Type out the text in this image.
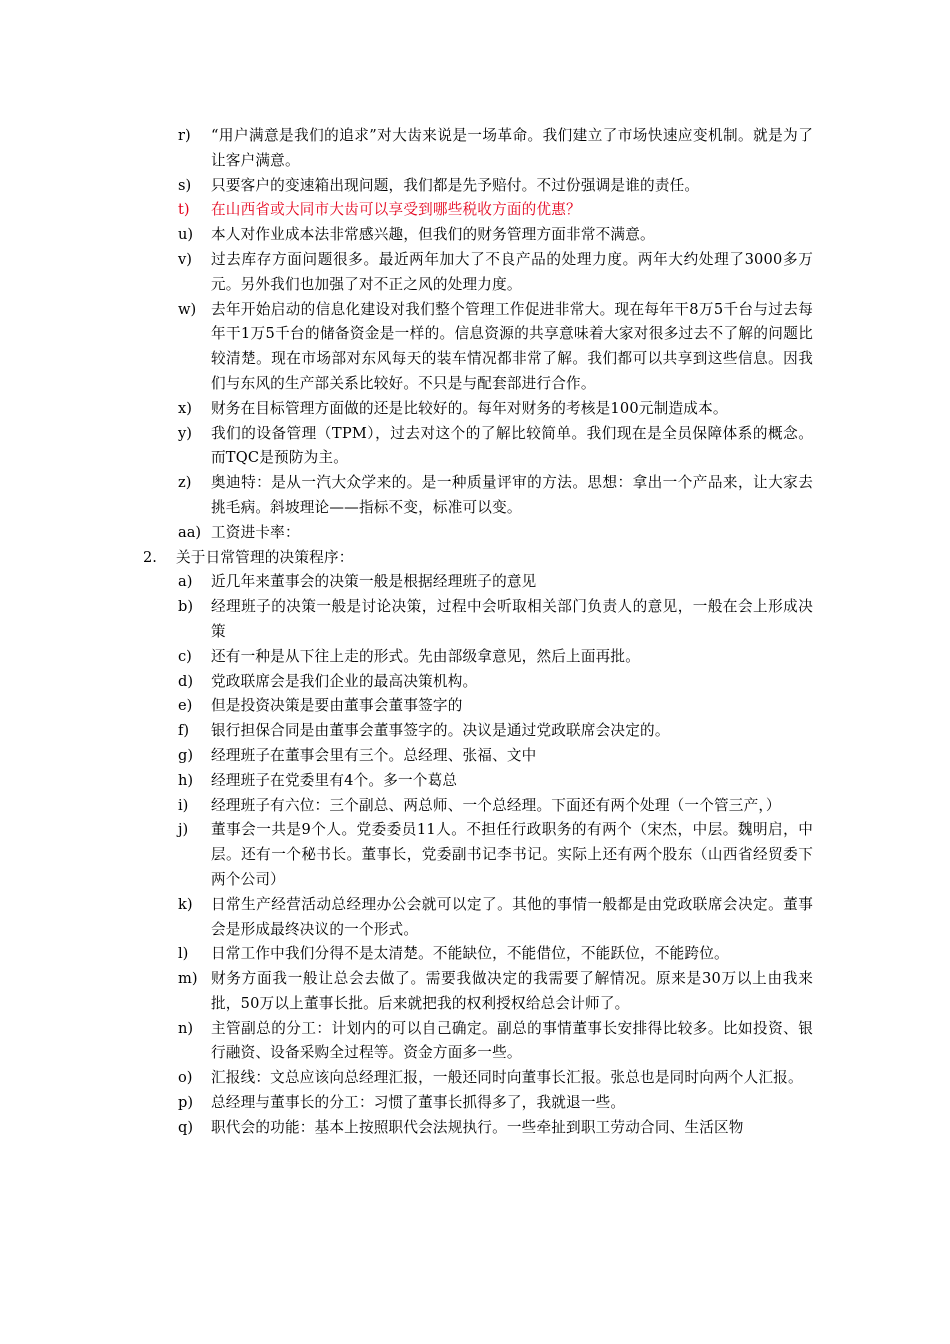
r)	“用户满意是我们的追求”对大齿来说是一场革命。我们建立了市场快速应变机制。就是为了让客户满意。
s)	只要客户的变速箱出现问题，我们都是先予赔付。不过份强调是谁的责任。
t)	在山西省或大同市大齿可以享受到哪些税收方面的优惠？
u)	本人对作业成本法非常感兴趣，但我们的财务管理方面非常不满意。
v)	过去库存方面问题很多。最近两年加大了不良产品的处理力度。两年大约处理了3000多万元。另外我们也加强了对不正之风的处理力度。
w)	去年开始启动的信息化建设对我们整个管理工作促进非常大。现在每年干8万5千台与过去每年干1万5千台的储备资金是一样的。信息资源的共享意味着大家对很多过去不了解的问题比较清楚。现在市场部对东风每天的装车情况都非常了解。我们都可以共享到这些信息。因我们与东风的生产部关系比较好。不只是与配套部进行合作。
x)	财务在目标管理方面做的还是比较好的。每年对财务的考核是100元制造成本。
y)	我们的设备管理（TPM），过去对这个的了解比较简单。我们现在是全员保障体系的概念。而TQC是预防为主。
z)	奥迪特：是从一汽大众学来的。是一种质量评审的方法。思想：拿出一个产品来，让大家去挑毛病。斜坡理论——指标不变，标准可以变。
aa) 工资进卡率：
2.	关于日常管理的决策程序：
a)	近几年来董事会的决策一般是根据经理班子的意见
b)	经理班子的决策一般是讨论决策，过程中会听取相关部门负责人的意见，一般在会上形成决策
c)	还有一种是从下往上走的形式。先由部级拿意见，然后上面再批。
d)	党政联席会是我们企业的最高决策机构。
e)	但是投资决策是要由董事会董事签字的
f)	银行担保合同是由董事会董事签字的。决议是通过党政联席会决定的。
g)	经理班子在董事会里有三个。总经理、张福、文中
h)	经理班子在党委里有4个。多一个葛总
i)	经理班子有六位：三个副总、两总师、一个总经理。下面还有两个处理（一个管三产，）
j)	董事会一共是9个人。党委委员11人。不担任行政职务的有两个（宋杰，中层。魏明启，中层。还有一个秘书长。董事长，党委副书记李书记。实际上还有两个股东（山西省经贸委下两个公司）
k)	日常生产经营活动总经理办公会就可以定了。其他的事情一般都是由党政联席会决定。董事会是形成最终决议的一个形式。
l)	日常工作中我们分得不是太清楚。不能缺位，不能借位，不能跃位，不能跨位。
m) 财务方面我一般让总会去做了。需要我做决定的我需要了解情况。原来是30万以上由我来批，50万以上董事长批。后来就把我的权利授权给总会计师了。
n)	主管副总的分工：计划内的可以自己确定。副总的事情董事长安排得比较多。比如投资、银行融资、设备采购全过程等。资金方面多一些。
o)	汇报线：文总应该向总经理汇报，一般还同时向董事长汇报。张总也是同时向两个人汇报。
p)	总经理与董事长的分工：习惯了董事长抓得多了，我就退一些。
q)	职代会的功能：基本上按照职代会法规执行。一些牵扯到职工劳动合同、生活区物
